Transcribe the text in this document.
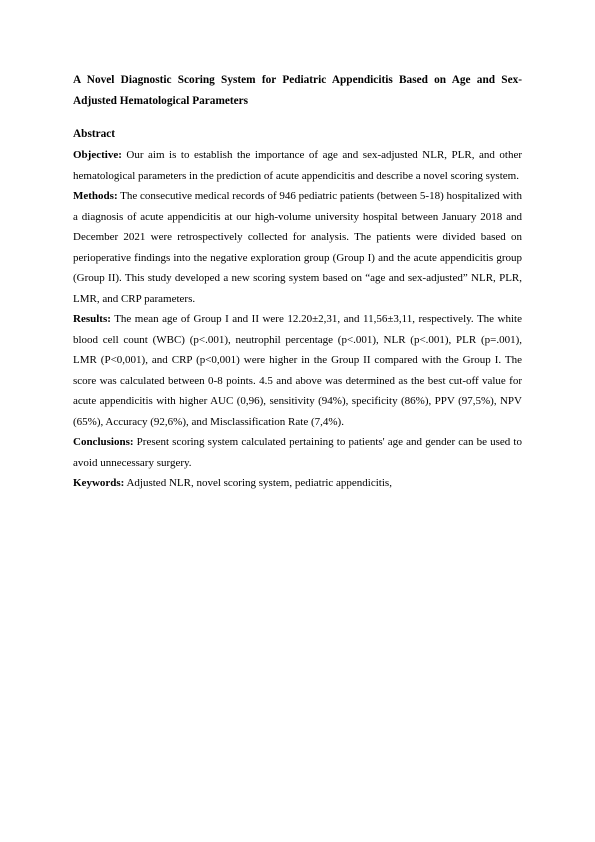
A Novel Diagnostic Scoring System for Pediatric Appendicitis Based on Age and Sex-Adjusted Hematological Parameters

Abstract

Objective: Our aim is to establish the importance of age and sex-adjusted NLR, PLR, and other hematological parameters in the prediction of acute appendicitis and describe a novel scoring system.

Methods: The consecutive medical records of 946 pediatric patients (between 5-18) hospitalized with a diagnosis of acute appendicitis at our high-volume university hospital between January 2018 and December 2021 were retrospectively collected for analysis. The patients were divided based on perioperative findings into the negative exploration group (Group I) and the acute appendicitis group (Group II). This study developed a new scoring system based on “age and sex-adjusted” NLR, PLR, LMR, and CRP parameters.

Results: The mean age of Group I and II were 12.20±2,31, and 11,56±3,11, respectively. The white blood cell count (WBC) (p<.001), neutrophil percentage (p<.001), NLR (p<.001), PLR (p=.001), LMR (P<0,001), and CRP (p<0,001) were higher in the Group II compared with the Group I. The score was calculated between 0-8 points. 4.5 and above was determined as the best cut-off value for acute appendicitis with higher AUC (0,96), sensitivity (94%), specificity (86%), PPV (97,5%), NPV (65%), Accuracy (92,6%), and Misclassification Rate (7,4%).

Conclusions: Present scoring system calculated pertaining to patients' age and gender can be used to avoid unnecessary surgery.

Keywords: Adjusted NLR, novel scoring system, pediatric appendicitis,
